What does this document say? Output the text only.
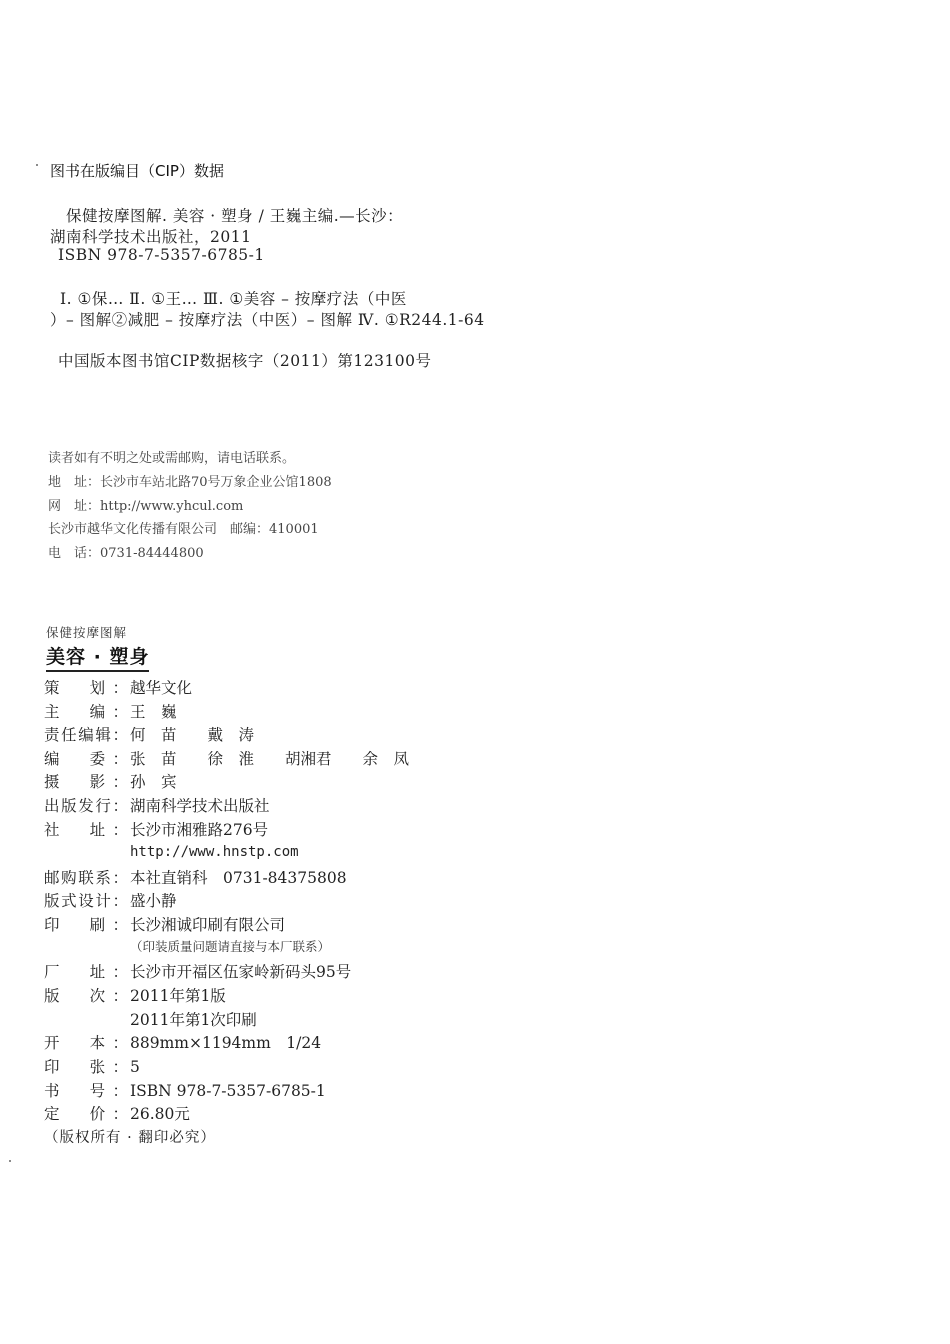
图书在版编目（CIP）数据
保健按摩图解. 美容 · 塑身 / 王巍主编.—长沙：
湖南科学技术出版社，2011
ISBN 978-7-5357-6785-1
Ⅰ. ①保… Ⅱ. ①王… Ⅲ. ①美容 – 按摩疗法（中医
）– 图解②减肥 – 按摩疗法（中医）– 图解 Ⅳ. ①R244.1-64
中国版本图书馆CIP数据核字（2011）第123100号
读者如有不明之处或需邮购，请电话联系。
地　址：长沙市车站北路70号万象企业公馆1808
网　址：http://www.yhcul.com
长沙市越华文化传播有限公司　邮编：410001
电　话：0731-84444800
保健按摩图解
美容 · 塑身
策　划： 越华文化
主　编： 王　巍
责任编辑： 何　苗　　戴　涛
编　委： 张　苗　　徐　淮　　胡湘君　　余　凤
摄　影： 孙　宾
出版发行： 湖南科学技术出版社
社　址： 长沙市湘雅路276号
http://www.hnstp.com
邮购联系： 本社直销科　0731-84375808
版式设计： 盛小静
印　刷： 长沙湘诚印刷有限公司
（印装质量问题请直接与本厂联系）
厂　址： 长沙市开福区伍家岭新码头95号
版　次： 2011年第1版
2011年第1次印刷
开　本： 889mm×1194mm　1/24
印　张： 5
书　号： ISBN 978-7-5357-6785-1
定　价： 26.80元
（版权所有 · 翻印必究）
